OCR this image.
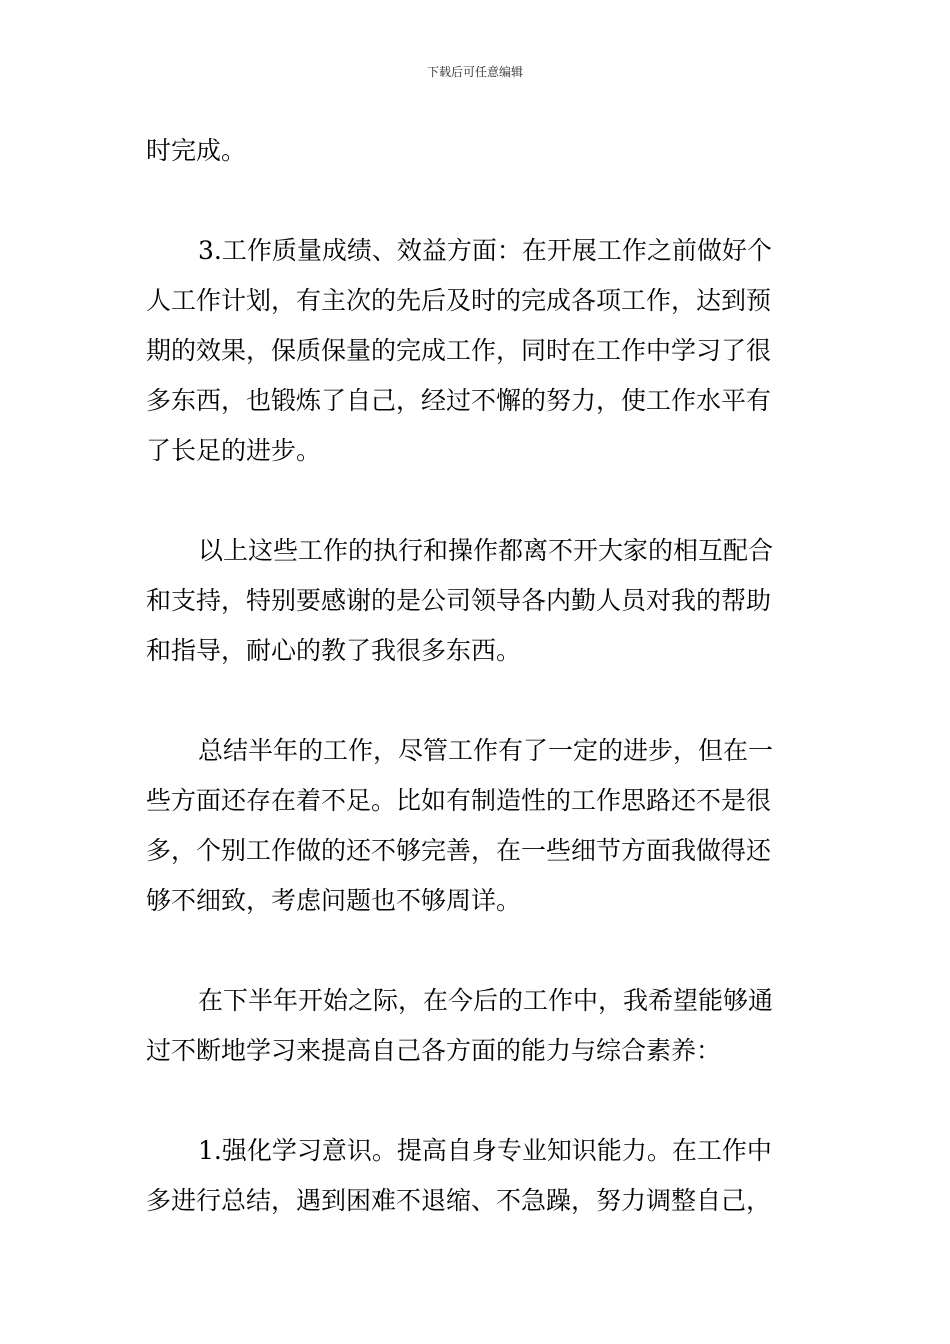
下载后可任意编辑

时完成。

3.工作质量成绩、效益方面：在开展工作之前做好个
人工作计划，有主次的先后及时的完成各项工作，达到预
期的效果，保质保量的完成工作，同时在工作中学习了很
多东西，也锻炼了自己，经过不懈的努力，使工作水平有
了长足的进步。

以上这些工作的执行和操作都离不开大家的相互配合
和支持，特别要感谢的是公司领导各内勤人员对我的帮助
和指导，耐心的教了我很多东西。

总结半年的工作，尽管工作有了一定的进步，但在一
些方面还存在着不足。比如有制造性的工作思路还不是很
多，个别工作做的还不够完善，在一些细节方面我做得还
够不细致，考虑问题也不够周详。

在下半年开始之际，在今后的工作中，我希望能够通
过不断地学习来提高自己各方面的能力与综合素养：

1.强化学习意识。提高自身专业知识能力。在工作中
多进行总结，遇到困难不退缩、不急躁，努力调整自己，
